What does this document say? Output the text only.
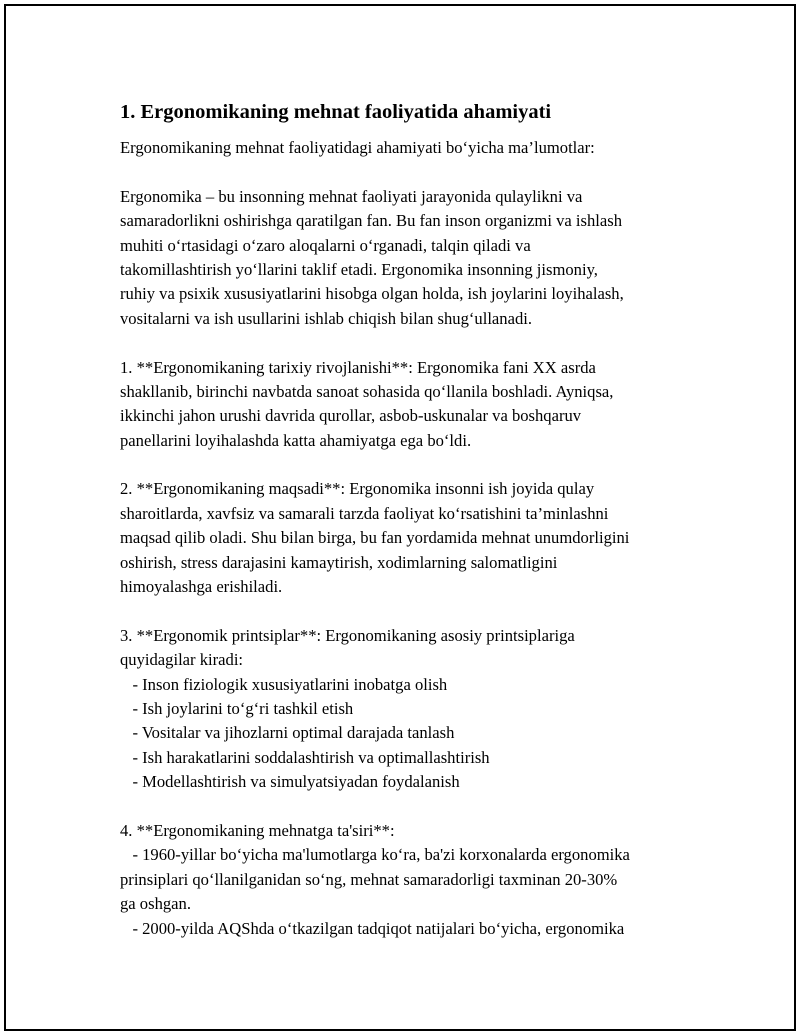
1. Ergonomikaning mehnat faoliyatida ahamiyati
Ergonomikaning mehnat faoliyatidagi ahamiyati bo‘yicha ma’lumotlar:
Ergonomika – bu insonning mehnat faoliyati jarayonida qulaylikni va
samaradorlikni oshirishga qaratilgan fan. Bu fan inson organizmi va ishlash
muhiti o‘rtasidagi o‘zaro aloqalarni o‘rganadi, talqin qiladi va
takomillashtirish yo‘llarini taklif etadi. Ergonomika insonning jismoniy,
ruhiy va psixik xususiyatlarini hisobga olgan holda, ish joylarini loyihalash,
vositalarni va ish usullarini ishlab chiqish bilan shug‘ullanadi.
1. **Ergonomikaning tarixiy rivojlanishi**: Ergonomika fani XX asrda
shakllanib, birinchi navbatda sanoat sohasida qo‘llanila boshladi. Ayniqsa,
ikkinchi jahon urushi davrida qurollar, asbob-uskunalar va boshqaruv
panellarini loyihalashda katta ahamiyatga ega bo‘ldi.
2. **Ergonomikaning maqsadi**: Ergonomika insonni ish joyida qulay
sharoitlarda, xavfsiz va samarali tarzda faoliyat ko‘rsatishini ta’minlashni
maqsad qilib oladi. Shu bilan birga, bu fan yordamida mehnat unumdorligini
oshirish, stress darajasini kamaytirish, xodimlarning salomatligini
himoyalashga erishiladi.
3. **Ergonomik printsiplar**: Ergonomikaning asosiy printsiplariga
quyidagilar kiradi:
- Inson fiziologik xususiyatlarini inobatga olish
- Ish joylarini to‘g‘ri tashkil etish
- Vositalar va jihozlarni optimal darajada tanlash
- Ish harakatlarini soddalashtirish va optimallashtirish
- Modellashtirish va simulyatsiyadan foydalanish
4. **Ergonomikaning mehnatga ta'siri**:
- 1960-yillar bo‘yicha ma'lumotlarga ko‘ra, ba'zi korxonalarda ergonomika
prinsiplari qo‘llanilganidan so‘ng, mehnat samaradorligi taxminan 20-30%
ga oshgan.
- 2000-yilda AQShda o‘tkazilgan tadqiqot natijalari bo‘yicha, ergonomika
